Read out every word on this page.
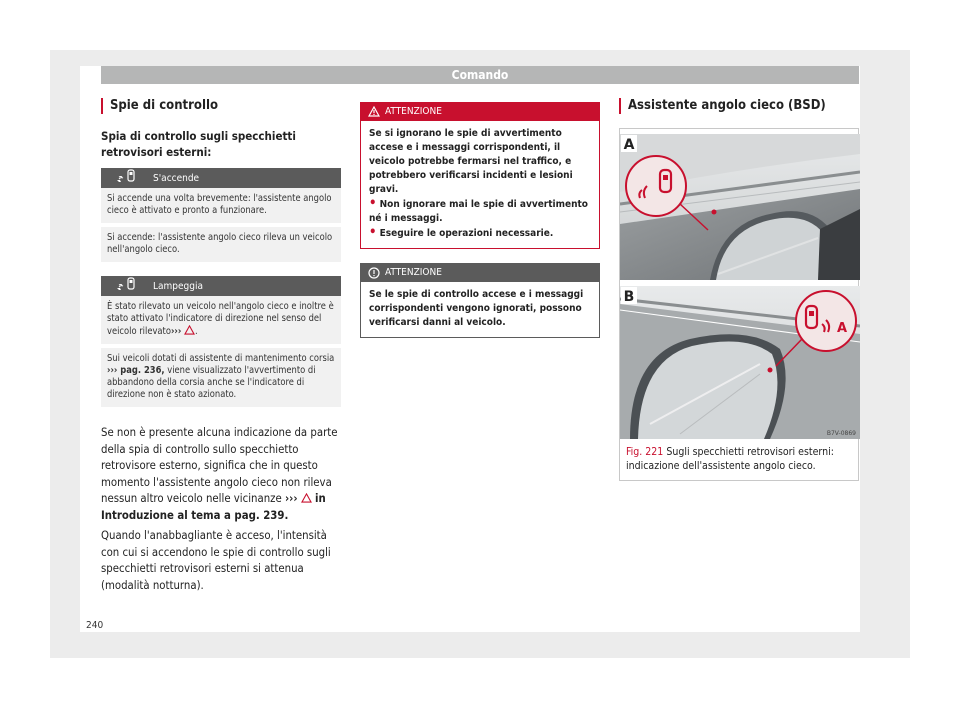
Comando
Spie di controllo
Spia di controllo sugli specchietti retrovisori esterni:
S'accende
Si accende una volta brevemente: l'assistente angolo cieco è attivato e pronto a funzionare.
Si accende: l'assistente angolo cieco rileva un veicolo nell'angolo cieco.
Lampeggia
È stato rilevato un veicolo nell'angolo cieco e inoltre è stato attivato l'indicatore di direzione nel senso del veicolo rilevato››› .
Sui veicoli dotati di assistente di mantenimento corsia ››› pag. 236, viene visualizzato l'avvertimento di abbandono della corsia anche se l'indicatore di direzione non è stato azionato.

Se non è presente alcuna indicazione da parte della spia di controllo sullo specchietto retrovisore esterno, significa che in questo momento l'assistente angolo cieco non rileva nessun altro veicolo nelle vicinanze ››› in Introduzione al tema a pag. 239.

Quando l'anabbagliante è acceso, l'intensità con cui si accendono le spie di controllo sugli specchietti retrovisori esterni si attenua (modalità notturna).

240
ATTENZIONE
Se si ignorano le spie di avvertimento accese e i messaggi corrispondenti, il veicolo potrebbe fermarsi nel traffico, e potrebbero verificarsi incidenti e lesioni gravi.
• Non ignorare mai le spie di avvertimento né i messaggi.
• Eseguire le operazioni necessarie.
ATTENZIONE
Se le spie di controllo accese e i messaggi corrispondenti vengono ignorati, possono verificarsi danni al veicolo.
Assistente angolo cieco (BSD)
A
A
B
B7V-0869
Fig. 221 Sugli specchietti retrovisori esterni: indicazione dell'assistente angolo cieco.
